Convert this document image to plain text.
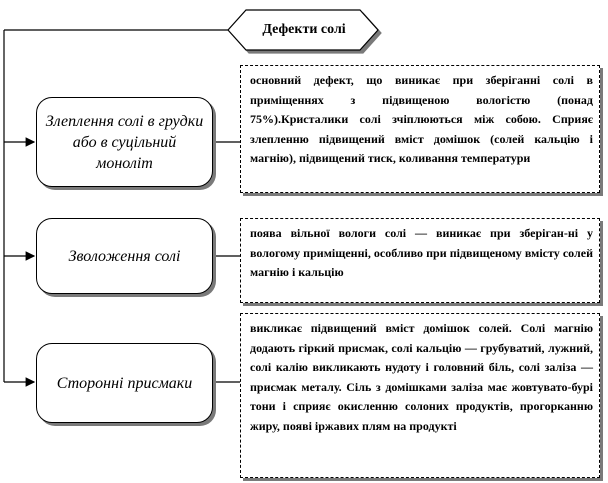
Дефекти солі
Злеплення солі в грудки або в суцільний моноліт
Зволоження солі
Сторонні присмаки
основний дефект, що виникає при зберіганні солі в приміщеннях з підвищеною вологістю (понад 75%).Кристалики солі зчіплюються між собою. Сприяє злепленню підвищений вміст домішок (солей кальцію і магнію), підвищений тиск, коливання температури
поява вільної вологи солі — виникає при зберіган-ні у вологому приміщенні, особливо при підвищеному вмісту солей магнію і кальцію
викликає підвищений вміст домішок солей. Солі магнію додають гіркий присмак, солі кальцію — грубуватий, лужний, солі калію викликають нудоту і головний біль, солі заліза — присмак металу. Сіль з домішками заліза має жовтувато-бурі тони і сприяє окисленню солоних продуктів, прогорканню жиру, появі іржавих плям на продукті
